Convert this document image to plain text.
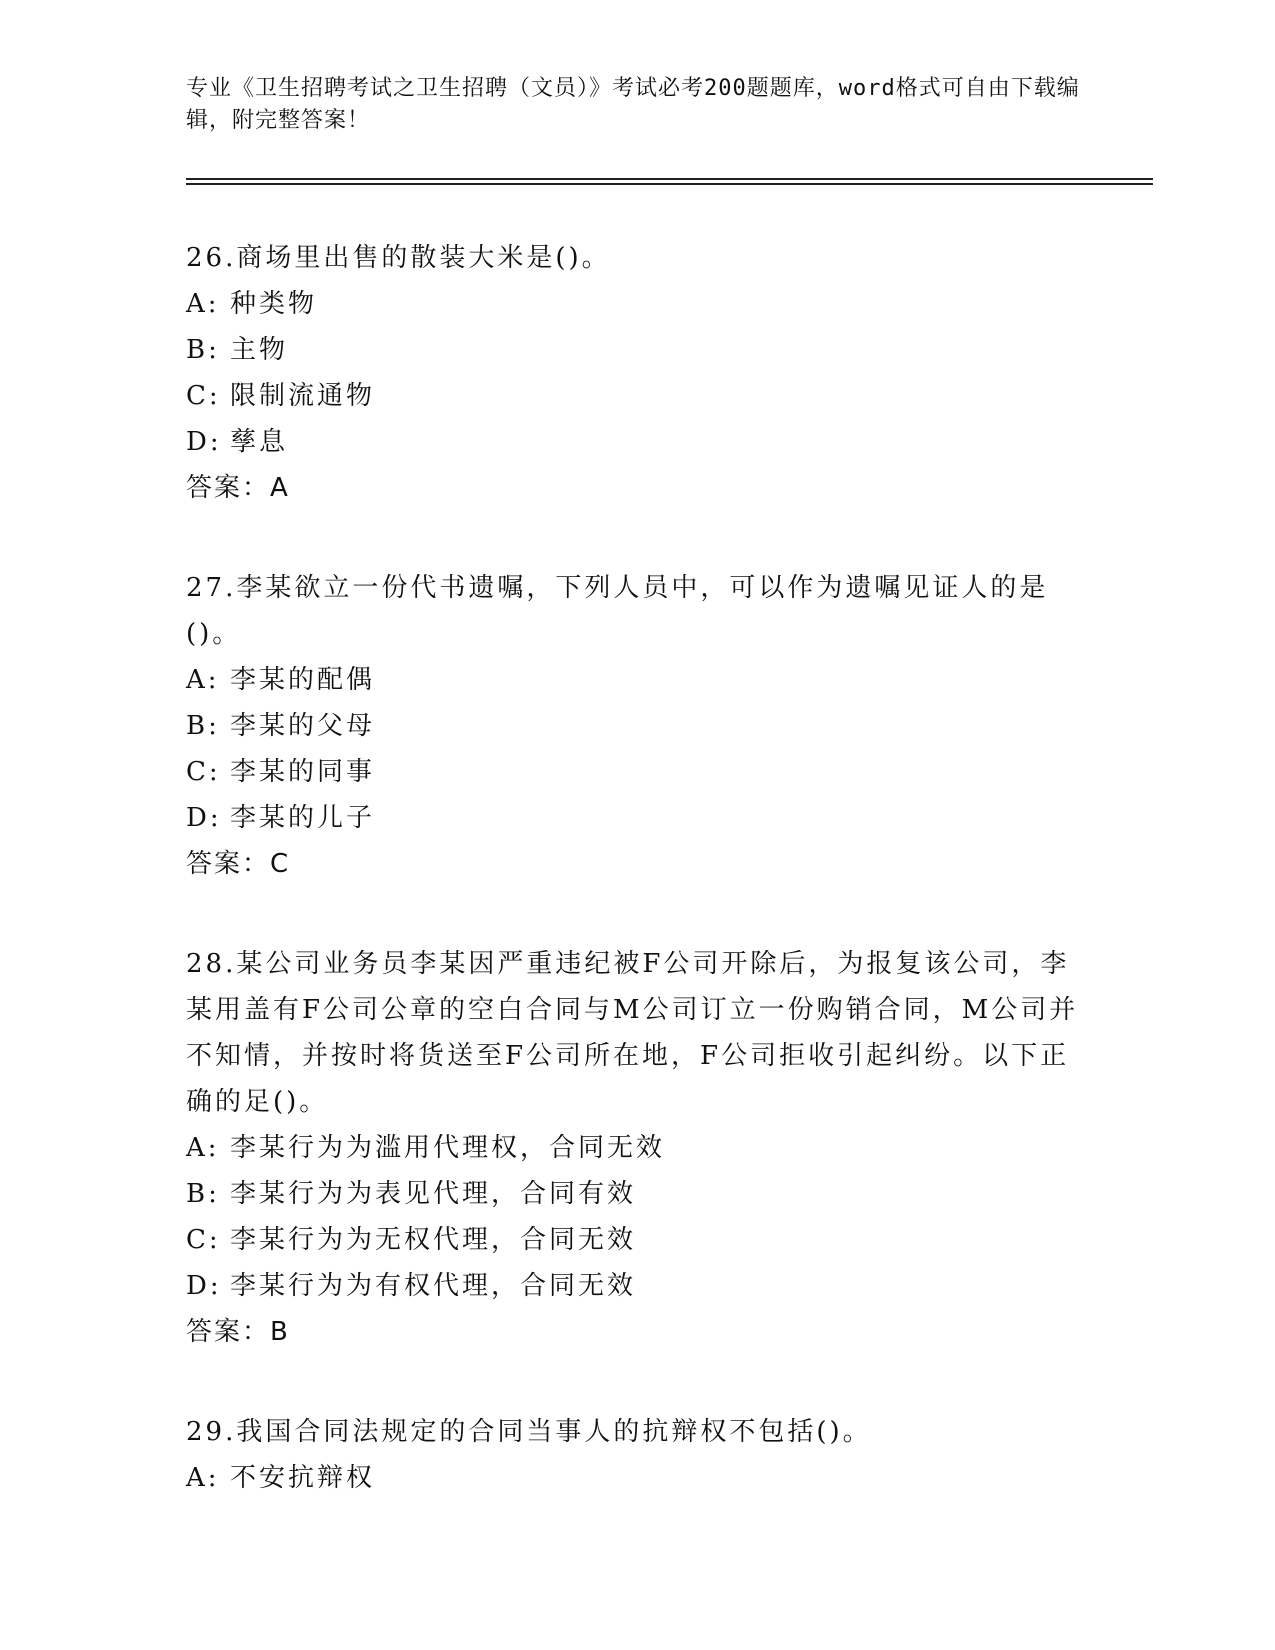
专业《卫生招聘考试之卫生招聘（文员）》考试必考200题题库，word格式可自由下载编辑，附完整答案！
26.商场里出售的散装大米是()。
A: 种类物
B: 主物
C: 限制流通物
D: 孳息
答案：A
27.李某欲立一份代书遗嘱，下列人员中，可以作为遗嘱见证人的是()。
A: 李某的配偶
B: 李某的父母
C: 李某的同事
D: 李某的儿子
答案：C
28.某公司业务员李某因严重违纪被F公司开除后，为报复该公司，李某用盖有F公司公章的空白合同与M公司订立一份购销合同，M公司并不知情，并按时将货送至F公司所在地，F公司拒收引起纠纷。以下正确的足()。
A: 李某行为为滥用代理权，合同无效
B: 李某行为为表见代理，合同有效
C: 李某行为为无权代理，合同无效
D: 李某行为为有权代理，合同无效
答案：B
29.我国合同法规定的合同当事人的抗辩权不包括()。
A: 不安抗辩权
